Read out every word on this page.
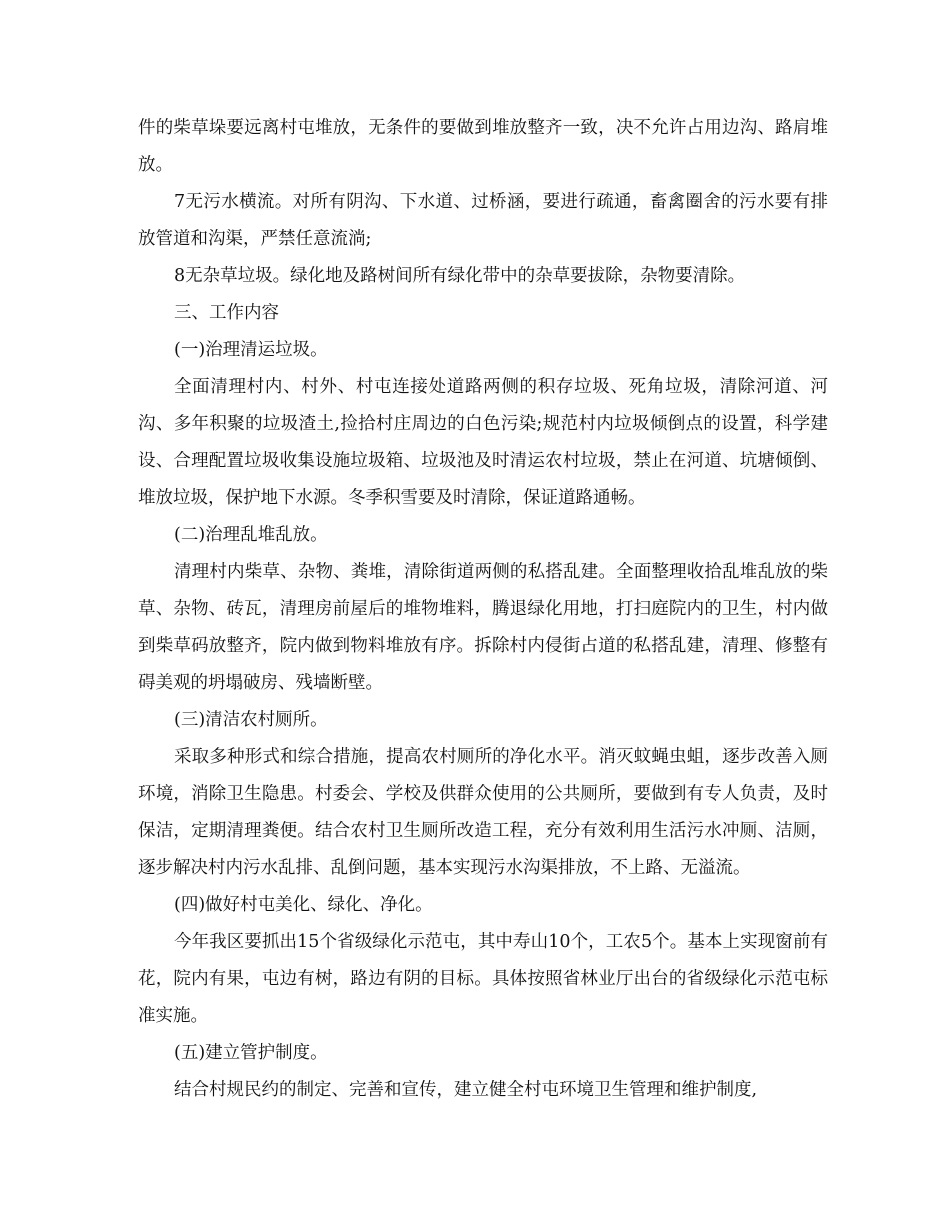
件的柴草垛要远离村屯堆放，无条件的要做到堆放整齐一致，决不允许占用边沟、路肩堆放。

7无污水横流。对所有阴沟、下水道、过桥涵，要进行疏通，畜禽圈舍的污水要有排放管道和沟渠，严禁任意流淌;

8无杂草垃圾。绿化地及路树间所有绿化带中的杂草要拔除，杂物要清除。

三、工作内容

(一)治理清运垃圾。

全面清理村内、村外、村屯连接处道路两侧的积存垃圾、死角垃圾，清除河道、河沟、多年积聚的垃圾渣土,捡拾村庄周边的白色污染;规范村内垃圾倾倒点的设置，科学建设、合理配置垃圾收集设施垃圾箱、垃圾池及时清运农村垃圾，禁止在河道、坑塘倾倒、堆放垃圾，保护地下水源。冬季积雪要及时清除，保证道路通畅。

(二)治理乱堆乱放。

清理村内柴草、杂物、粪堆，清除街道两侧的私搭乱建。全面整理收拾乱堆乱放的柴草、杂物、砖瓦，清理房前屋后的堆物堆料，腾退绿化用地，打扫庭院内的卫生，村内做到柴草码放整齐，院内做到物料堆放有序。拆除村内侵街占道的私搭乱建，清理、修整有碍美观的坍塌破房、残墙断壁。

(三)清洁农村厕所。

采取多种形式和综合措施，提高农村厕所的净化水平。消灭蚊蝇虫蛆，逐步改善入厕环境，消除卫生隐患。村委会、学校及供群众使用的公共厕所，要做到有专人负责，及时保洁，定期清理粪便。结合农村卫生厕所改造工程，充分有效利用生活污水冲厕、洁厕，逐步解决村内污水乱排、乱倒问题，基本实现污水沟渠排放，不上路、无溢流。

(四)做好村屯美化、绿化、净化。

今年我区要抓出15个省级绿化示范屯，其中寿山10个，工农5个。基本上实现窗前有花，院内有果，屯边有树，路边有阴的目标。具体按照省林业厅出台的省级绿化示范屯标准实施。

(五)建立管护制度。

结合村规民约的制定、完善和宣传，建立健全村屯环境卫生管理和维护制度,
